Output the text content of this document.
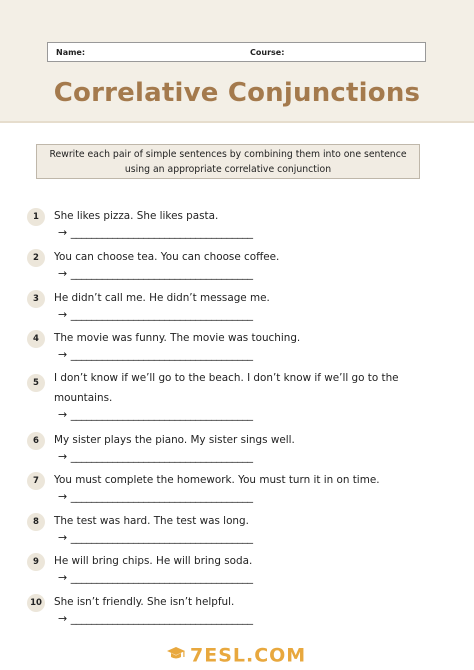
Name:	Course:
Correlative Conjunctions
Rewrite each pair of simple sentences by combining them into one sentence using an appropriate correlative conjunction
1	She likes pizza. She likes pasta.
→ ___________________________________
2	You can choose tea. You can choose coffee.
→ ___________________________________
3	He didn’t call me. He didn’t message me.
→ ___________________________________
4	The movie was funny. The movie was touching.
→ ___________________________________
5	I don’t know if we’ll go to the beach. I don’t know if we’ll go to the mountains.
→ ___________________________________
6	My sister plays the piano. My sister sings well.
→ ___________________________________
7	You must complete the homework. You must turn it in on time.
→ ___________________________________
8	The test was hard. The test was long.
→ ___________________________________
9	He will bring chips. He will bring soda.
→ ___________________________________
10 She isn’t friendly. She isn’t helpful.
→ ___________________________________
7ESL.COM
